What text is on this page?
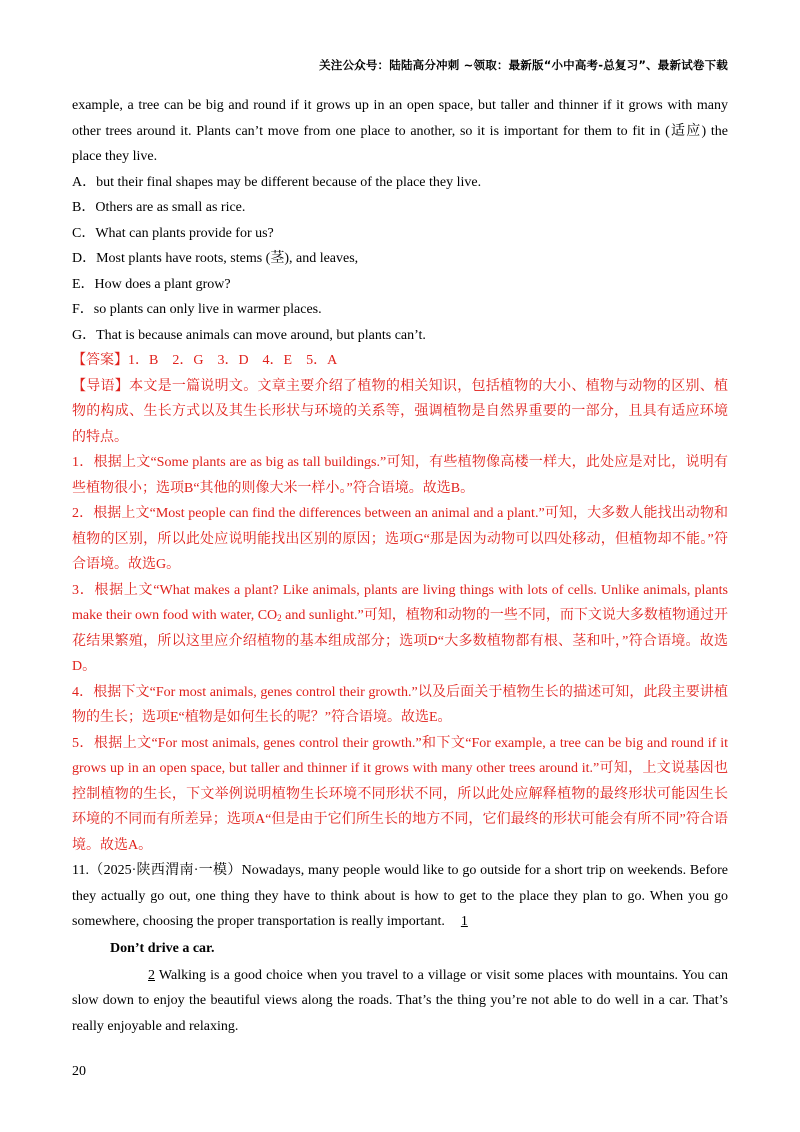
关注公众号：陆陆高分冲刺 ~领取：最新版“小中高考-总复习”、最新试卷下载

example, a tree can be big and round if it grows up in an open space, but taller and thinner if it grows with many other trees around it. Plants can’t move from one place to another, so it is important for them to fit in (适应) the place they live.

A．but their final shapes may be different because of the place they live.

B．Others are as small as rice.

C．What can plants provide for us?

D．Most plants have roots, stems (茎), and leaves,

E．How does a plant grow?

F．so plants can only live in warmer places.

G．That is because animals can move around, but plants can’t.

【答案】1．B　2．G　3．D　4．E　5．A

【导语】本文是一篇说明文。文章主要介绍了植物的相关知识，包括植物的大小、植物与动物的区别、植物的构成、生长方式以及其生长形状与环境的关系等，强调植物是自然界重要的一部分，且具有适应环境的特点。

1．根据上文“Some plants are as big as tall buildings.”可知，有些植物像高楼一样大，此处应是对比，说明有些植物很小；选项B“其他的则像大米一样小。”符合语境。故选B。

2．根据上文“Most people can find the differences between an animal and a plant.”可知，大多数人能找出动物和植物的区别，所以此处应说明能找出区别的原因；选项G“那是因为动物可以四处移动，但植物却不能。”符合语境。故选G。

3．根据上文“What makes a plant? Like animals, plants are living things with lots of cells. Unlike animals, plants make their own food with water, $CO_2$ and sunlight.”可知，植物和动物的一些不同，而下文说大多数植物通过开花结果繁殖，所以这里应介绍植物的基本组成部分；选项D“大多数植物都有根、茎和叶，”符合语境。故选D。

4．根据下文“For most animals, genes control their growth.”以及后面关于植物生长的描述可知，此段主要讲植物的生长；选项E“植物是如何生长的呢？”符合语境。故选E。

5．根据上文“For most animals, genes control their growth.”和下文“For example, a tree can be big and round if it grows up in an open space, but taller and thinner if it grows with many other trees around it.”可知，上文说基因也控制植物的生长，下文举例说明植物生长环境不同形状不同，所以此处应解释植物的最终形状可能因生长环境的不同而有所差异；选项A“但是由于它们所生长的地方不同，它们最终的形状可能会有所不同”符合语境。故选A。

11.（2025·陕西渭南·一模）Nowadays, many people would like to go outside for a short trip on weekends. Before they actually go out, one thing they have to think about is how to get to the place they plan to go. When you go somewhere, choosing the proper transportation is really important. 1

Don’t drive a car.

2 Walking is a good choice when you travel to a village or visit some places with mountains. You can slow down to enjoy the beautiful views along the roads. That’s the thing you’re not able to do well in a car. That’s really enjoyable and relaxing.

20
